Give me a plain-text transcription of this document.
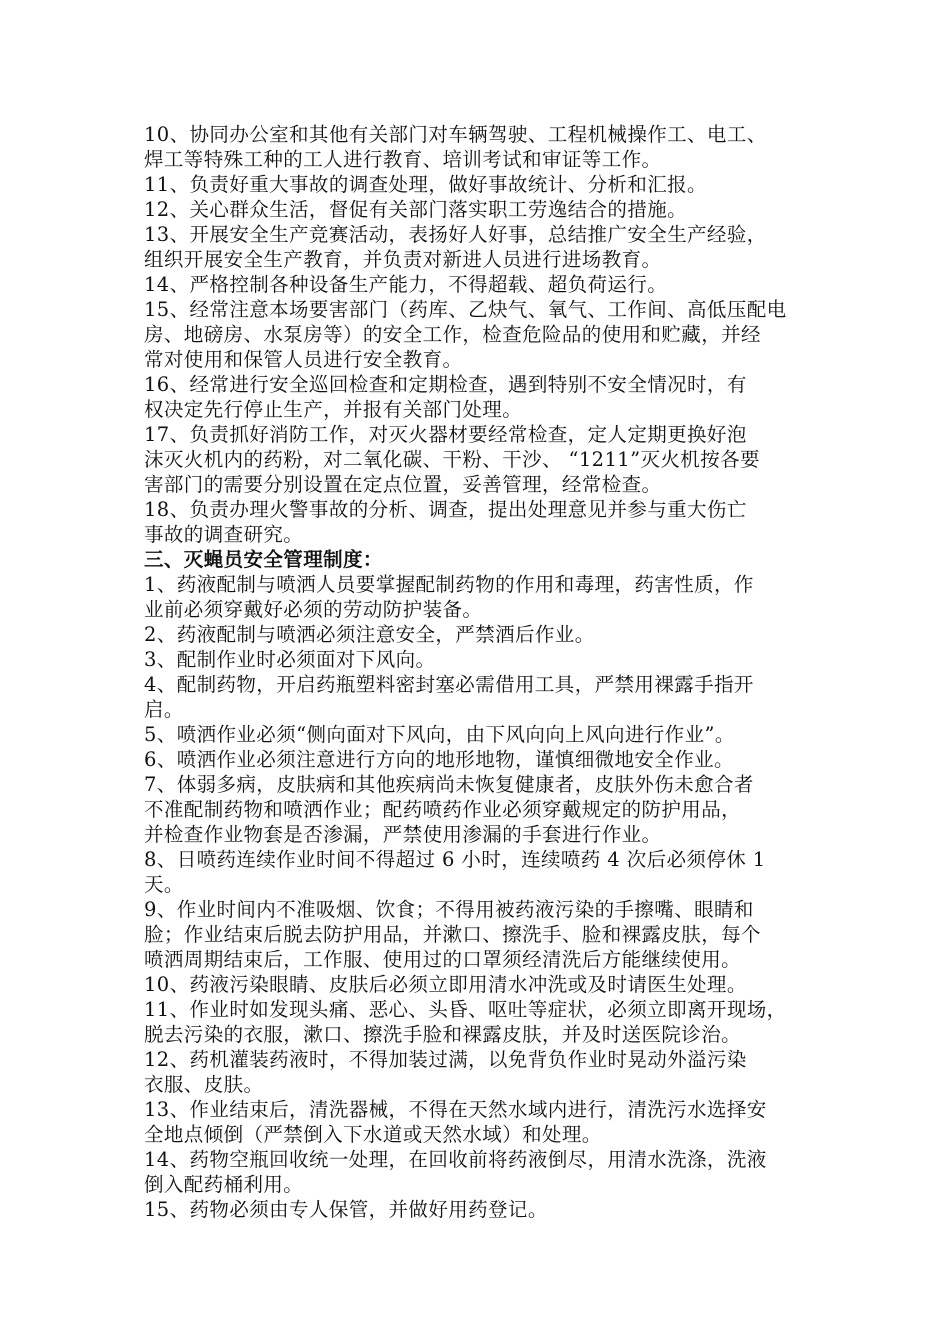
10、协同办公室和其他有关部门对车辆驾驶、工程机械操作工、电工、
焊工等特殊工种的工人进行教育、培训考试和审证等工作。
11、负责好重大事故的调查处理，做好事故统计、分析和汇报。
12、关心群众生活，督促有关部门落实职工劳逸结合的措施。
13、开展安全生产竞赛活动，表扬好人好事，总结推广安全生产经验，
组织开展安全生产教育，并负责对新进人员进行进场教育。
14、严格控制各种设备生产能力，不得超载、超负荷运行。
15、经常注意本场要害部门（药库、乙炔气、氧气、工作间、高低压配电
房、地磅房、水泵房等）的安全工作，检查危险品的使用和贮藏，并经
常对使用和保管人员进行安全教育。
16、经常进行安全巡回检查和定期检查，遇到特别不安全情况时，有
权决定先行停止生产，并报有关部门处理。
17、负责抓好消防工作，对灭火器材要经常检查，定人定期更换好泡
沫灭火机内的药粉，对二氧化碳、干粉、干沙、 “1211”灭火机按各要
害部门的需要分别设置在定点位置，妥善管理，经常检查。
18、负责办理火警事故的分析、调查，提出处理意见并参与重大伤亡
事故的调查研究。
三、灭蝇员安全管理制度：
1、药液配制与喷洒人员要掌握配制药物的作用和毒理，药害性质，作
业前必须穿戴好必须的劳动防护装备。
2、药液配制与喷洒必须注意安全，严禁酒后作业。
3、配制作业时必须面对下风向。
4、配制药物，开启药瓶塑料密封塞必需借用工具，严禁用裸露手指开
启。
5、喷洒作业必须“侧向面对下风向，由下风向向上风向进行作业”。
6、喷洒作业必须注意进行方向的地形地物，谨慎细微地安全作业。
7、体弱多病，皮肤病和其他疾病尚未恢复健康者，皮肤外伤未愈合者
不准配制药物和喷洒作业；配药喷药作业必须穿戴规定的防护用品，
并检查作业物套是否渗漏，严禁使用渗漏的手套进行作业。
8、日喷药连续作业时间不得超过 6 小时，连续喷药 4 次后必须停休 1
天。
9、作业时间内不准吸烟、饮食；不得用被药液污染的手擦嘴、眼睛和
脸；作业结束后脱去防护用品，并漱口、擦洗手、脸和裸露皮肤，每个
喷洒周期结束后，工作服、使用过的口罩须经清洗后方能继续使用。
10、药液污染眼睛、皮肤后必须立即用清水冲洗或及时请医生处理。
11、作业时如发现头痛、恶心、头昏、呕吐等症状，必须立即离开现场，
脱去污染的衣服，漱口、擦洗手脸和裸露皮肤，并及时送医院诊治。
12、药机灌装药液时，不得加装过满，以免背负作业时晃动外溢污染
衣服、皮肤。
13、作业结束后，清洗器械，不得在天然水域内进行，清洗污水选择安
全地点倾倒（严禁倒入下水道或天然水域）和处理。
14、药物空瓶回收统一处理，在回收前将药液倒尽，用清水洗涤，洗液
倒入配药桶利用。
15、药物必须由专人保管，并做好用药登记。
